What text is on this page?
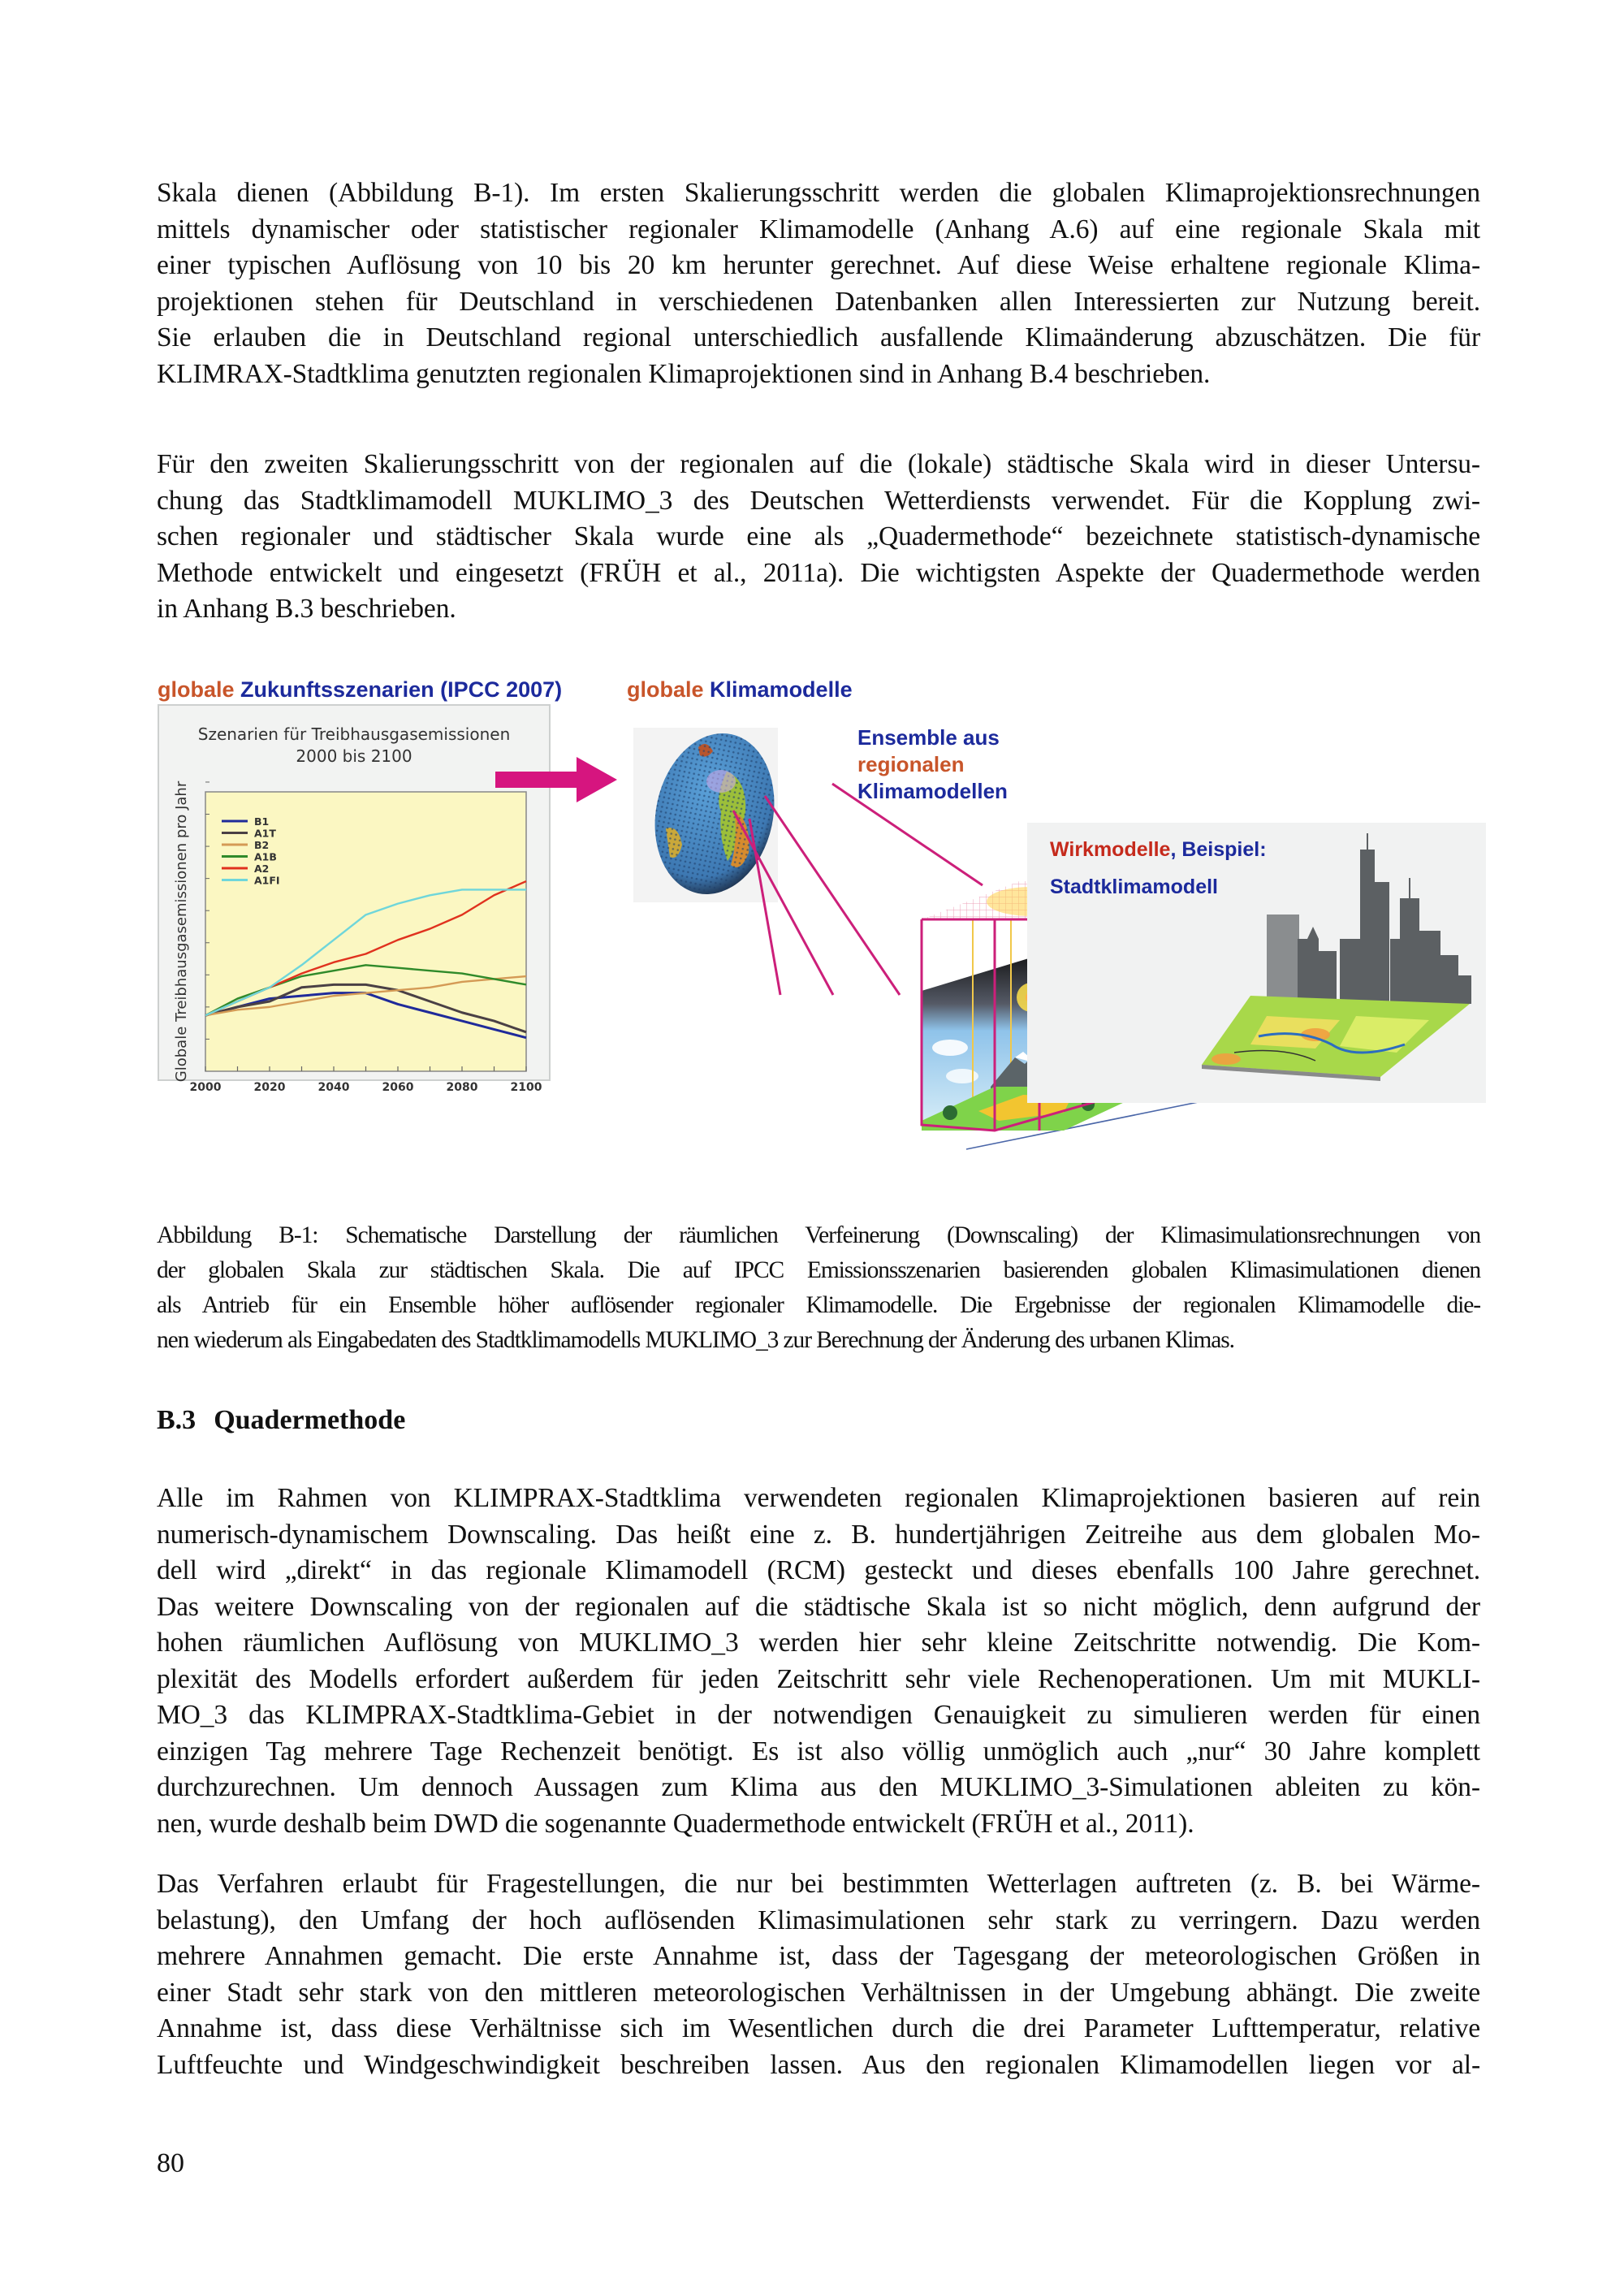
Skala dienen (Abbildung B-1). Im ersten Skalierungsschritt werden die globalen Klimaprojektionsrechnungen
mittels dynamischer oder statistischer regionaler Klimamodelle (Anhang A.6) auf eine regionale Skala mit
einer typischen Auflösung von 10 bis 20 km herunter gerechnet. Auf diese Weise erhaltene regionale Klima-
projektionen stehen für Deutschland in verschiedenen Datenbanken allen Interessierten zur Nutzung bereit.
Sie erlauben die in Deutschland regional unterschiedlich ausfallende Klimaänderung abzuschätzen. Die für
KLIMRAX-Stadtklima genutzten regionalen Klimaprojektionen sind in Anhang B.4 beschrieben.
Für den zweiten Skalierungsschritt von der regionalen auf die (lokale) städtische Skala wird in dieser Untersu-
chung das Stadtklimamodell MUKLIMO_3 des Deutschen Wetterdiensts verwendet. Für die Kopplung zwi-
schen regionaler und städtischer Skala wurde eine als „Quadermethode“ bezeichnete statistisch-dynamische
Methode entwickelt und eingesetzt (FRÜH et al., 2011a). Die wichtigsten Aspekte der Quadermethode werden
in Anhang B.3 beschrieben.
globale Zukunftsszenarien (IPCC 2007)	globale Klimamodelle
Szenarien für Treibhausgasemissionen
2000 bis 2100
2000	2020	2040	2060	2080	2100
Globale Treibhausgasemissionen pro Jahr	B1
A1T
B2
A1B
A2
A1FI
Ensemble aus
regionalen
Klimamodellen
Wirkmodelle, Beispiel:
Stadtklimamodell
Abbildung B-1: Schematische Darstellung der räumlichen Verfeinerung (Downscaling) der Klimasimulationsrechnungen von
der globalen Skala zur städtischen Skala. Die auf IPCC Emissionsszenarien basierenden globalen Klimasimulationen dienen
als Antrieb für ein Ensemble höher auflösender regionaler Klimamodelle. Die Ergebnisse der regionalen Klimamodelle die-
nen wiederum als Eingabedaten des Stadtklimamodells MUKLIMO_3 zur Berechnung der Änderung des urbanen Klimas.
B.3 Quadermethode
Alle im Rahmen von KLIMPRAX-Stadtklima verwendeten regionalen Klimaprojektionen basieren auf rein
numerisch-dynamischem Downscaling. Das heißt eine z. B. hundertjährigen Zeitreihe aus dem globalen Mo-
dell wird „direkt“ in das regionale Klimamodell (RCM) gesteckt und dieses ebenfalls 100 Jahre gerechnet.
Das weitere Downscaling von der regionalen auf die städtische Skala ist so nicht möglich, denn aufgrund der
hohen räumlichen Auflösung von MUKLIMO_3 werden hier sehr kleine Zeitschritte notwendig. Die Kom-
plexität des Modells erfordert außerdem für jeden Zeitschritt sehr viele Rechenoperationen. Um mit MUKLI-
MO_3 das KLIMPRAX-Stadtklima-Gebiet in der notwendigen Genauigkeit zu simulieren werden für einen
einzigen Tag mehrere Tage Rechenzeit benötigt. Es ist also völlig unmöglich auch „nur“ 30 Jahre komplett
durchzurechnen. Um dennoch Aussagen zum Klima aus den MUKLIMO_3-Simulationen ableiten zu kön-
nen, wurde deshalb beim DWD die sogenannte Quadermethode entwickelt (FRÜH et al., 2011).
Das Verfahren erlaubt für Fragestellungen, die nur bei bestimmten Wetterlagen auftreten (z. B. bei Wärme-
belastung), den Umfang der hoch auflösenden Klimasimulationen sehr stark zu verringern. Dazu werden
mehrere Annahmen gemacht. Die erste Annahme ist, dass der Tagesgang der meteorologischen Größen in
einer Stadt sehr stark von den mittleren meteorologischen Verhältnissen in der Umgebung abhängt. Die zweite
Annahme ist, dass diese Verhältnisse sich im Wesentlichen durch die drei Parameter Lufttemperatur, relative
Luftfeuchte und Windgeschwindigkeit beschreiben lassen. Aus den regionalen Klimamodellen liegen vor al-
80
